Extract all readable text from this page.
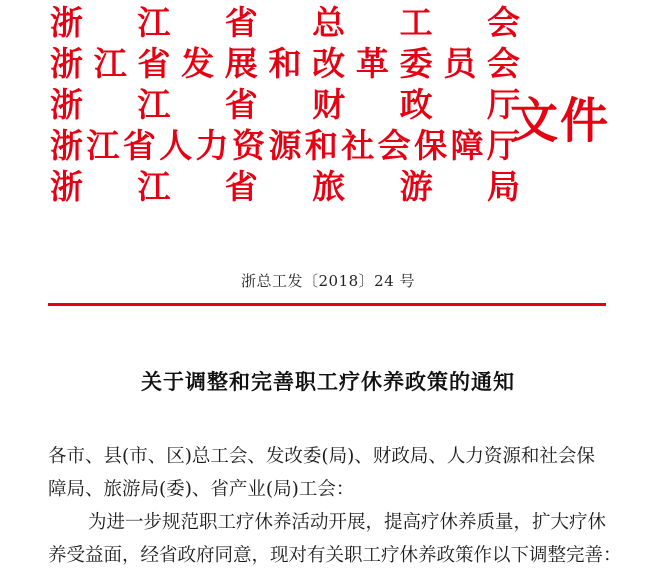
浙 江 省 总 工 会
浙 江 省 发 展 和 改 革 委 员 会
浙 江 省 财 政 厅
浙 江 省 人 力 资 源 和 社 会 保 障 厅
浙 江 省 旅 游 局
文件
浙总工发〔2018〕24 号
关于调整和完善职工疗休养政策的通知
各市、县(市、区)总工会、发改委(局)、财政局、人力资源和社会保
障局、旅游局(委)、省产业(局)工会：
为进一步规范职工疗休养活动开展，提高疗休养质量，扩大疗休
养受益面，经省政府同意，现对有关职工疗休养政策作以下调整完善：
